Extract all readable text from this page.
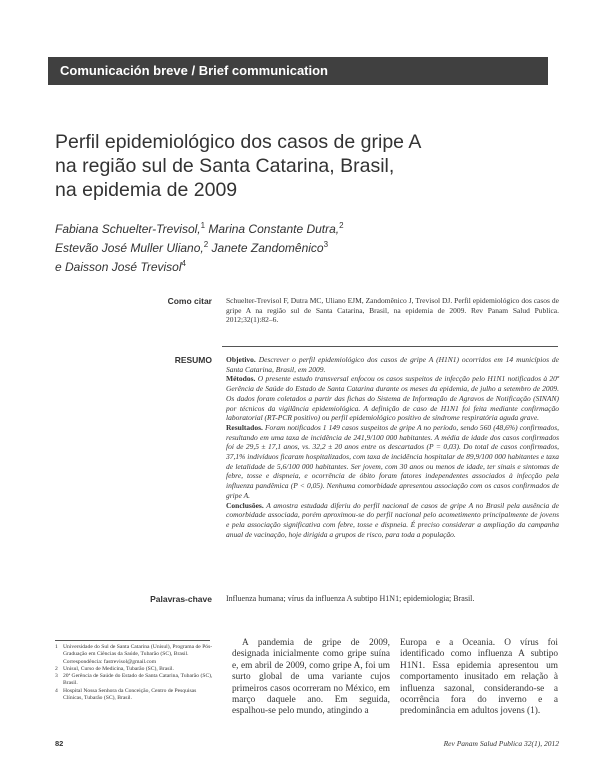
Comunicación breve / Brief communication
Perfil epidemiológico dos casos de gripe A
na região sul de Santa Catarina, Brasil,
na epidemia de 2009
Fabiana Schuelter-Trevisol,$^1$ Marina Constante Dutra,$^2$
Estevão José Muller Uliano,$^2$ Janete Zandomênico$^3$
e Daisson José Trevisol$^4$
Como citar Schuelter-Trevisol F, Dutra MC, Uliano EJM, Zandomênico J, Trevisol DJ. Perfil epidemiológico dos casos de gripe A na região sul de Santa Catarina, Brasil, na epidemia de 2009. Rev Panam Salud Publica. 2012;32(1):82–6.
RESUMO Objetivo. Descrever o perfil epidemiológico dos casos de gripe A (H1N1) ocorridos em 14 municípios de Santa Catarina, Brasil, em 2009.

Métodos. O presente estudo transversal enfocou os casos suspeitos de infecção pelo H1N1 notificados à 20ª Gerência de Saúde do Estado de Santa Catarina durante os meses da epidemia, de julho a setembro de 2009. Os dados foram coletados a partir das fichas do Sistema de Informação de Agravos de Notificação (SINAN) por técnicos da vigilância epidemiológica. A definição de caso de H1N1 foi feita mediante confirmação laboratorial (RT-PCR positivo) ou perfil epidemiológico positivo de síndrome respiratória aguda grave.

Resultados. Foram notificados 1 149 casos suspeitos de gripe A no período, sendo 560 (48,6%) confirmados, resultando em uma taxa de incidência de 241,9/100 000 habitantes. A média de idade dos casos confirmados foi de 29,5 ± 17,1 anos, vs. 32,2 ± 20 anos entre os descartados (P = 0,03). Do total de casos confirmados, 37,1% indivíduos ficaram hospitalizados, com taxa de incidência hospitalar de 89,9/100 000 habitantes e taxa de letalidade de 5,6/100 000 habitantes. Ser jovem, com 30 anos ou menos de idade, ter sinais e sintomas de febre, tosse e dispneia, e ocorrência de óbito foram fatores independentes associados à infecção pela influenza pandêmica (P < 0,05). Nenhuma comorbidade apresentou associação com os casos confirmados de gripe A.

Conclusões. A amostra estudada diferiu do perfil nacional de casos de gripe A no Brasil pela ausência de comorbidade associada, porém aproximou-se do perfil nacional pelo acometimento principalmente de jovens e pela associação significativa com febre, tosse e dispneia. É preciso considerar a ampliação da campanha anual de vacinação, hoje dirigida a grupos de risco, para toda a população.

Palavras-chave Influenza humana; vírus da influenza A subtipo H1N1; epidemiologia; Brasil.
1 Universidade do Sul de Santa Catarina (Unisul), Programa de Pós-Graduação em Ciências da Saúde, Tubarão (SC), Brasil. Correspondência: fastrevisol@gmail.com
2 Unisul, Curso de Medicina, Tubarão (SC), Brasil.
3 20ª Gerência de Saúde do Estado de Santa Catarina, Tubarão (SC), Brasil.
4 Hospital Nossa Senhora da Conceição, Centro de Pesquisas Clínicas, Tubarão (SC), Brasil.
A pandemia de gripe de 2009, designada inicialmente como gripe suína e, em abril de 2009, como gripe A, foi um surto global de uma variante cujos primeiros casos ocorreram no México, em março daquele ano. Em seguida, espalhou-se pelo mundo, atingindo a
Europa e a Oceania. O vírus foi identificado como influenza A subtipo H1N1. Essa epidemia apresentou um comportamento inusitado em relação à influenza sazonal, considerando-se a ocorrência fora do inverno e a predominância em adultos jovens (1).
82	Rev Panam Salud Publica 32(1), 2012
